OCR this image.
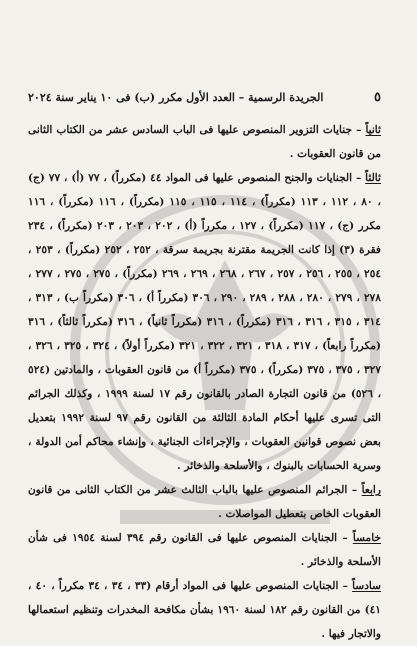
الجريدة الرسمية – العدد الأول مكرر (ب) فى ١٠ يناير سنة ٢٠٢٤	٥

ثانياً – جنايات التزوير المنصوص عليها فى الباب السادس عشر من الكتاب الثانى من قانون العقوبات .

ثالثاً – الجنايات والجنح المنصوص عليها فى المواد ٤٤ (مكرراً) ، ٧٧ (أ) ، ٧٧ (ج) ، ٨٠ ، ١١٢ ، ١١٣ (مكرراً) ، ١١٤ ، ١١٥ ، ١١٥ (مكرراً) ، ١١٦ (مكرراً) ، ١١٦ مكرر (ج) ، ١١٧ (مكرراً) ، ١٢٧ ، مكرراً (أ) ، ٢٠٢ ، ٢٠٣ ، ٢٠٣ (مكرراً) ، ٢٣٤ فقرة (٣) إذا كانت الجريمة مقترنة بجريمة سرقة ، ٢٥٢ ، ٢٥٢ (مكرراً) ، ٢٥٣ ، ٢٥٤ ، ٢٥٥ ، ٢٥٦ ، ٢٥٧ ، ٢٦٧ ، ٢٦٨ ، ٢٦٩ ، ٢٦٩ (مكرراً) ، ٢٧٥ ، ٢٧٥ ، ٢٧٧ ، ٢٧٨ ، ٢٧٩ ، ٢٨٠ ، ٢٨٨ ، ٢٨٩ ، ٢٩٠ ، ٣٠٦ (مكرراً أ) ، ٣٠٦ (مكرراً ب) ، ٣١٣ ، ٣١٤ ، ٣١٥ ، ٣١٦ ، ٣١٦ (مكرراً) ، ٣١٦ (مكرراً ثانياً) ، ٣١٦ (مكرراً ثالثاً) ، ٣١٦ (مكرراً رابعاً) ، ٣١٧ ، ٣١٨ ، ٣٢١ ، ٣٢٢ ، ٣٢١ (مكرراً أولاً) ، ٣٢٤ ، ٣٢٥ ، ٣٢٦ ، ٣٢٧ ، ٣٧٥ ، ٣٧٥ (مكرراً) ، ٣٧٥ (مكرراً أ) من قانون العقوبات ، والمادتين (٥٢٤ ، ٥٢٦) من قانون التجارة الصادر بالقانون رقم ١٧ لسنة ١٩٩٩ ، وكذلك الجرائم التى تسرى عليها أحكام المادة الثالثة من القانون رقم ٩٧ لسنة ١٩٩٢ بتعديل بعض نصوص قوانين العقوبات ، والإجراءات الجنائية ، وإنشاء محاكم أمن الدولة ، وسرية الحسابات بالبنوك ، والأسلحة والذخائر .

رابعاً – الجرائم المنصوص عليها بالباب الثالث عشر من الكتاب الثانى من قانون العقوبات الخاص بتعطيل المواصلات .

خامساً – الجنايات المنصوص عليها فى القانون رقم ٣٩٤ لسنة ١٩٥٤ فى شأن الأسلحة والذخائر .

سادساً – الجنايات المنصوص عليها فى المواد أرقام (٣٣ ، ٣٤ ، ٣٤ مكرراً ، ٤٠ ، ٤١) من القانون رقم ١٨٢ لسنة ١٩٦٠ بشأن مكافحة المخدرات وتنظيم استعمالها والاتجار فيها .
